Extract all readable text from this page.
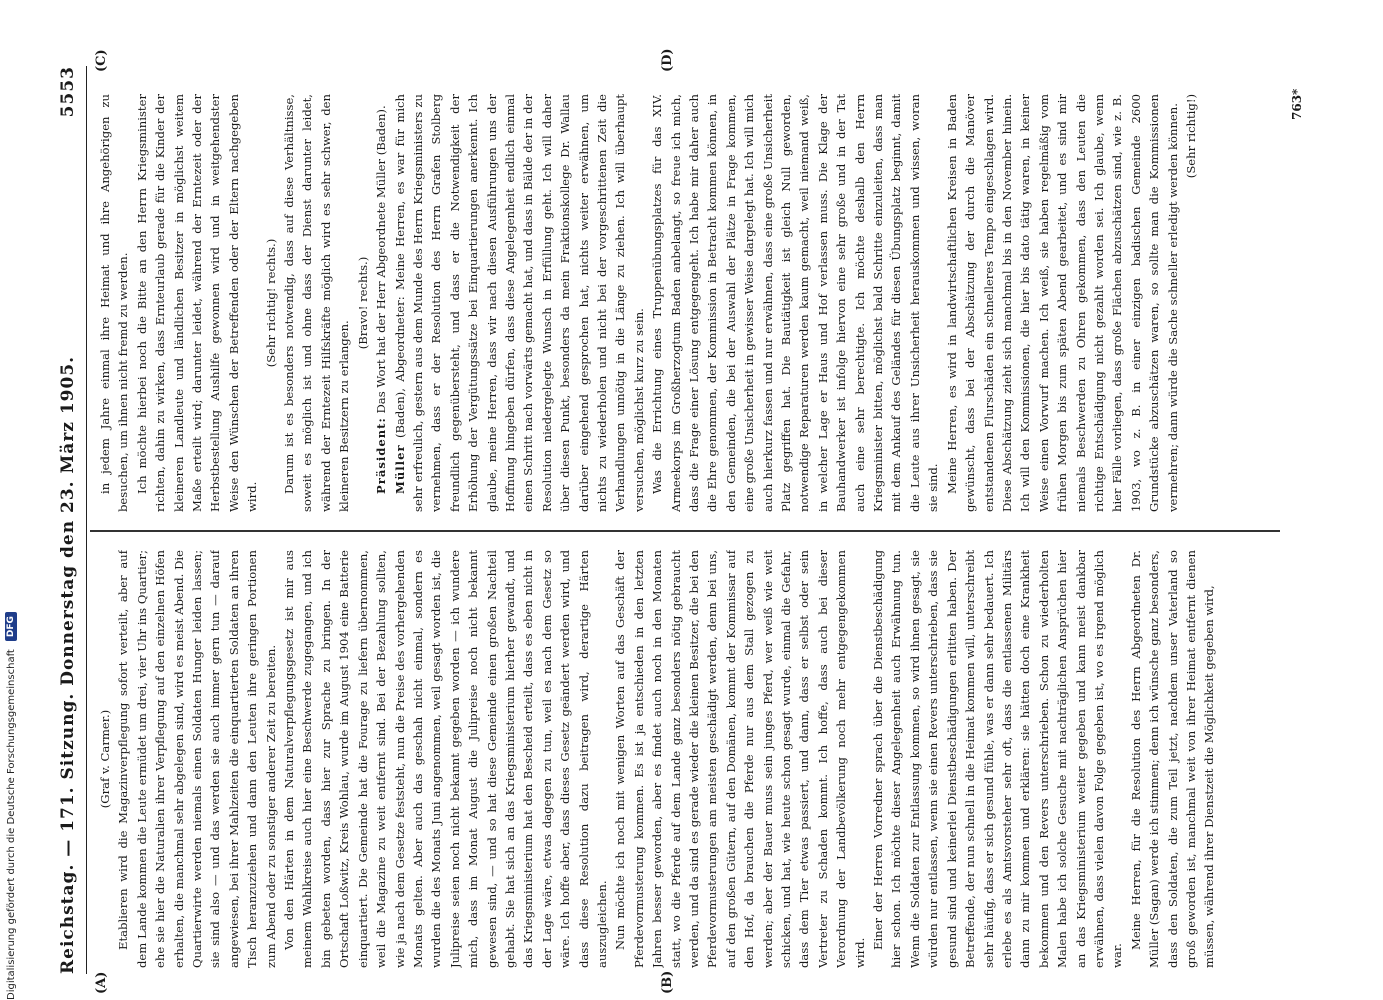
Reichstag. — 171. Sitzung. Donnerstag den 23. März 1905.
5553
(A)	(B)
(C)	(D)

(Graf v. Carmer.) Etablieren wird die Magazinverpflegung sofort verteilt, aber auf dem Lande kommen die Leute ermüdet um drei, vier Uhr ins Quartier; ehe sie hier die Naturalien ihrer Verpflegung auf den einzelnen Höfen erhalten, die manchmal sehr abgelegen sind, wird es meist Abend. Die Quartierwirte werden niemals einen Soldaten Hunger leiden lassen; sie sind also — und das werden sie auch immer gern tun — darauf angewiesen, bei ihrer Mahlzeiten die einquartierten Soldaten an ihren Tisch heranzuziehen und dann den Leuten ihre geringen Portionen zum Abend oder zu sonstiger anderer Zeit zu bereiten. Von den Härten in dem Naturalverpflegungsgesetz ist mir aus meinem Wahlkreise auch hier eine Beschwerde zugegangen, und ich bin gebeten worden, dass hier zur Sprache zu bringen. In der Ortschaft Loßwitz, Kreis Wohlau, wurde im August 1904 eine Batterie einquartiert. Die Gemeinde hat die Fourage zu liefern übernommen, weil die Magazine zu weit entfernt sind. Bei der Bezahlung sollten, wie ja nach dem Gesetze feststeht, nun die Preise des vorhergehenden Monats gelten. Aber auch das geschah nicht einmal, sondern es wurden die des Monats Juni angenommen, weil gesagt worden ist, die Julipreise seien noch nicht bekannt gegeben worden — ich wundere mich, dass im Monat August die Julipreise noch nicht bekannt gewesen sind, — und so hat diese Gemeinde einen großen Nachteil gehabt. Sie hat sich an das Kriegsministerium hierher gewandt, und das Kriegsministerium hat den Bescheid erteilt, dass es eben nicht in der Lage wäre, etwas dagegen zu tun, weil es nach dem Gesetz so wäre. Ich hoffe aber, dass dieses Gesetz geändert werden wird, und dass diese Resolution dazu beitragen wird, derartige Härten auszugleichen. Nun möchte ich noch mit wenigen Worten auf das Geschäft der Pferdevormusterung kommen. Es ist ja entschieden in den letzten Jahren besser geworden, aber es findet auch noch in den Monaten statt, wo die Pferde auf dem Lande ganz besonders nötig gebraucht werden, und da sind es gerade wieder die kleinen Besitzer, die bei den Pferdevormusterungen am meisten geschädigt werden, denn bei uns, auf den großen Gütern, auf den Domänen, kommt der Kommissar auf den Hof, da brauchen die Pferde nur aus dem Stall gezogen zu werden; aber der Bauer muss sein junges Pferd, wer weiß wie weit schicken, und hat, wie heute schon gesagt wurde, einmal die Gefahr, dass dem Tier etwas passiert, und dann, dass er selbst oder sein Vertreter zu Schaden kommt. Ich hoffe, dass auch bei dieser Verordnung der Landbevölkerung noch mehr entgegengekommen wird.

Einer der Herren Vorredner sprach über die Dienstbeschädigung hier schon. Ich möchte dieser Angelegenheit auch Erwähnung tun. Wenn die Soldaten zur Entlassung kommen, so wird ihnen gesagt, sie würden nur entlassen, wenn sie einen Revers unterschrieben, dass sie gesund sind und keinerlei Dienstbeschädigungen erlitten haben. Der Betreffende, der nun schnell in die Heimat kommen will, unterschreibt sehr häufig, dass er sich gesund fühle, was er dann sehr bedauert. Ich erlebe es als Amtsvorsteher sehr oft, dass die entlassenen Militärs dann zu mir kommen und erklären: sie hätten doch eine Krankheit bekommen und den Revers unterschrieben. Schon zu wiederholten Malen habe ich solche Gesuche mit nachträglichen Ansprüchen hier an das Kriegsministerium weiter gegeben und kann meist dankbar erwähnen, dass vielen davon Folge gegeben ist, wo es irgend möglich war.

Meine Herren, für die Resolution des Herrn Abgeordneten Dr. Müller (Sagan) werde ich stimmen; denn ich wünsche ganz besonders, dass den Soldaten, die zum Teil jetzt, nachdem unser Vaterland so groß geworden ist, manchmal weit von ihrer Heimat entfernt dienen müssen, während ihrer Dienstzeit die Möglichkeit gegeben wird,

in jedem Jahre einmal ihre Heimat und ihre Angehörigen zu besuchen, um ihnen nicht fremd zu werden. Ich möchte hierbei noch die Bitte an den Herrn Kriegsminister richten, dahin zu wirken, dass Ernteurlaub gerade für die Kinder der kleineren Landleute und ländlichen Besitzer in möglichst weitem Maße erteilt wird; darunter leidet, während der Erntezeit oder der Herbstbestellung Aushilfe gewonnen wird und in weitgehendster Weise den Wünschen der Betreffenden oder der Eltern nachgegeben wird.

(Sehr richtig! rechts.) Darum ist es besonders notwendig, dass auf diese Verhältnisse, soweit es möglich ist und ohne dass der Dienst darunter leidet, während der Erntezeit Hilfskräfte möglich wird es sehr schwer, den kleineren Besitzern zu erlangen.

(Bravo! rechts.)

Präsident: Das Wort hat der Herr Abgeordnete Müller (Baden).

Müller (Baden), Abgeordneter: Meine Herren, es war für mich sehr erfreulich, gestern aus dem Munde des Herrn Kriegsministers zu vernehmen, dass er der Resolution des Herrn Grafen Stolberg freundlich gegenübersteht, und dass er die Notwendigkeit der Erhöhung der Vergütungssätze bei Einquartierungen anerkennt. Ich glaube, meine Herren, dass wir nach diesen Ausführungen uns der Hoffnung hingeben dürfen, dass diese Angelegenheit endlich einmal einen Schritt nach vorwärts gemacht hat, und dass in Bälde der in der Resolution niedergelegte Wunsch in Erfüllung geht. Ich will daher über diesen Punkt, besonders da mein Fraktionskollege Dr. Wallau darüber eingehend gesprochen hat, nichts weiter erwähnen, um nichts zu wiederholen und nicht bei der vorgeschrittenen Zeit die Verhandlungen unnötig in die Länge zu ziehen. Ich will überhaupt versuchen, möglichst kurz zu sein. Was die Errichtung eines Truppenübungsplatzes für das XIV. Armeekorps im Großherzogtum Baden anbelangt, so freue ich mich, dass die Frage einer Lösung entgegengeht. Ich habe mir daher auch die Ehre genommen, der Kommission in Betracht kommen können, in den Gemeinden, die bei der Auswahl der Plätze in Frage kommen, eine große Unsicherheit in gewisser Weise dargelegt hat. Ich will mich auch hierkurz fassen und nur erwähnen, dass eine große Unsicherheit Platz gegriffen hat. Die Bautätigkeit ist gleich Null geworden, notwendige Reparaturen werden kaum gemacht, weil niemand weiß, in welcher Lage er Haus und Hof verlassen muss. Die Klage der Bauhandwerker ist infolge hiervon eine sehr große und in der Tat auch eine sehr berechtigte. Ich möchte deshalb den Herrn Kriegsminister bitten, möglichst bald Schritte einzuleiten, dass man mit dem Ankauf des Geländes für diesen Übungsplatz beginnt, damit die Leute aus ihrer Unsicherheit herauskommen und wissen, woran sie sind. Meine Herren, es wird in landwirtschaftlichen Kreisen in Baden gewünscht, dass bei der Abschätzung der durch die Manöver entstandenen Flurschäden ein schnelleres Tempo eingeschlagen wird. Diese Abschätzung zieht sich manchmal bis in den November hinein. Ich will den Kommissionen, die hier bis dato tätig waren, in keiner Weise einen Vorwurf machen. Ich weiß, sie haben regelmäßig vom frühen Morgen bis zum späten Abend gearbeitet, und es sind mir niemals Beschwerden zu Ohren gekommen, dass den Leuten die richtige Entschädigung nicht gezahlt worden sei. Ich glaube, wenn hier Fälle vorliegen, dass große Flächen abzuschätzen sind, wie z. B. 1903, wo z. B. in einer einzigen badischen Gemeinde 2600 Grundstücke abzuschätzen waren, so sollte man die Kommissionen vermehren; dann würde die Sache schneller erledigt werden können. (Sehr richtig!)	763*
Digitalisierung gefördert durch die Deutsche Forschungsgemeinschaft
DFG
